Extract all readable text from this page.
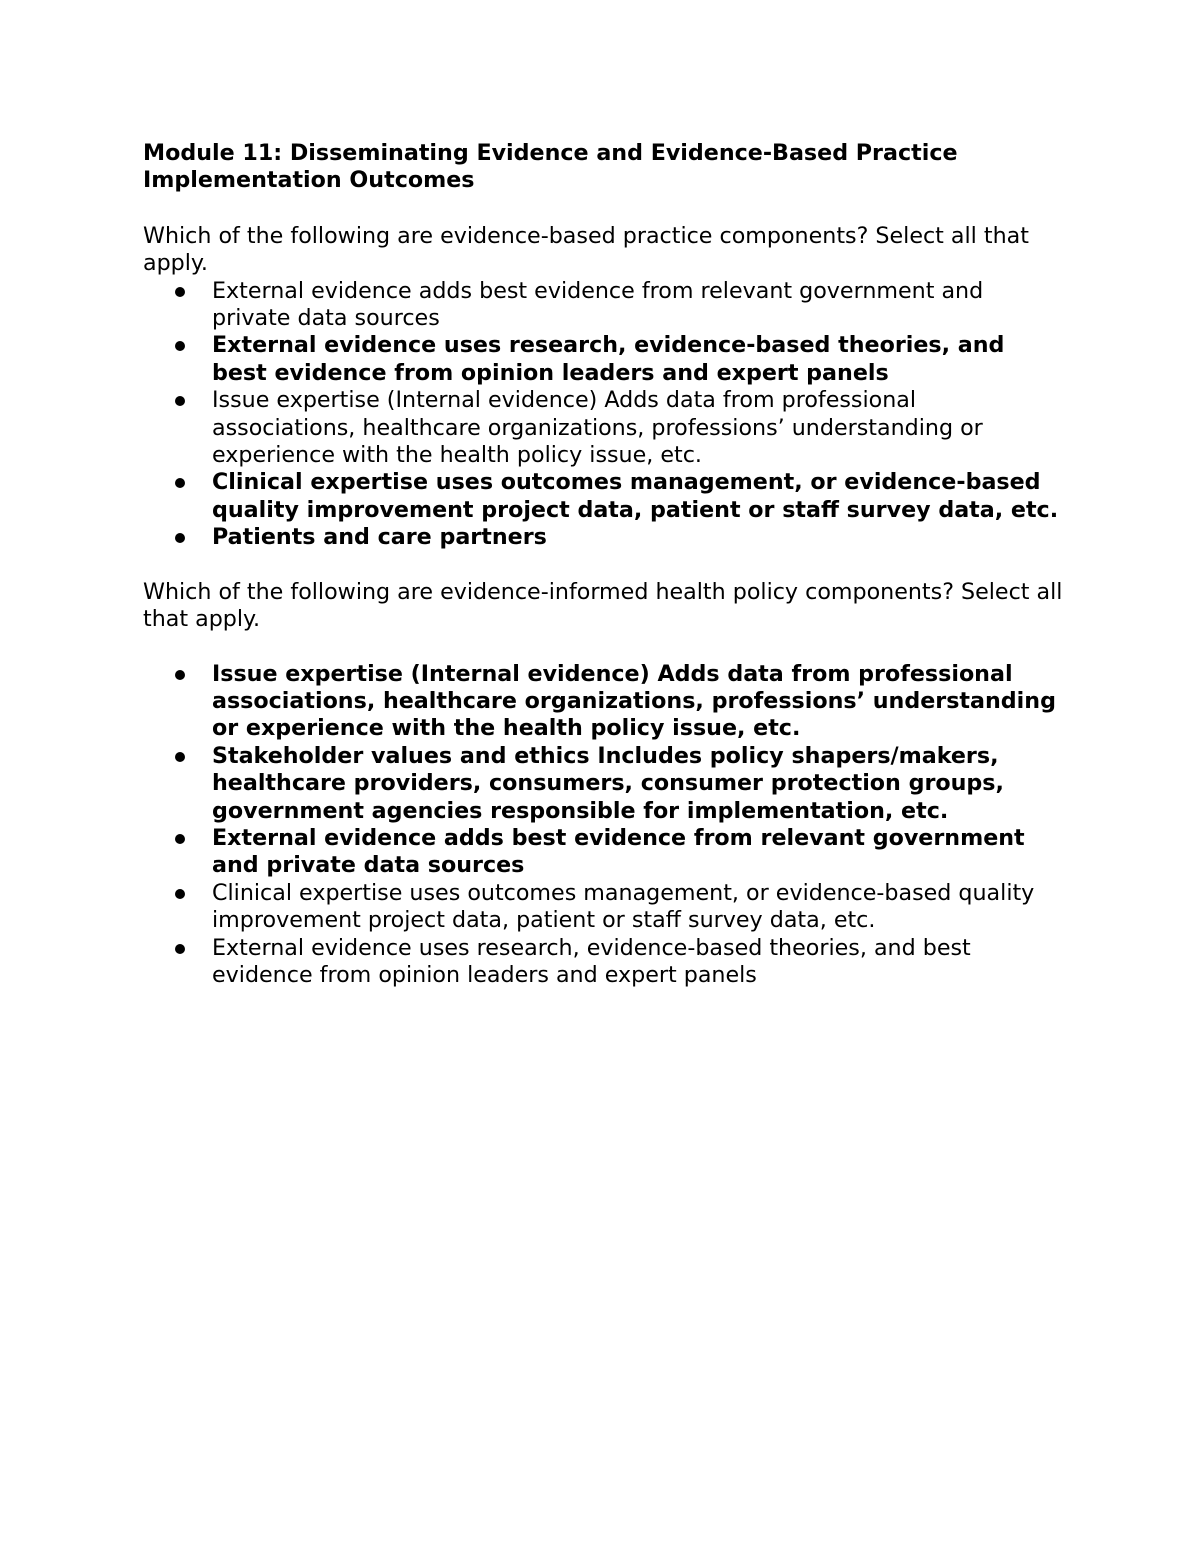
Module 11: Disseminating Evidence and Evidence-Based Practice Implementation Outcomes

Which of the following are evidence-based practice components? Select all that apply.

External evidence adds best evidence from relevant government and private data sources
External evidence uses research, evidence-based theories, and best evidence from opinion leaders and expert panels
Issue expertise (Internal evidence) Adds data from professional associations, healthcare organizations, professions’ understanding or experience with the health policy issue, etc.
Clinical expertise uses outcomes management, or evidence-based quality improvement project data, patient or staff survey data, etc.
Patients and care partners

Which of the following are evidence-informed health policy components? Select all that apply.

Issue expertise (Internal evidence) Adds data from professional associations, healthcare organizations, professions’ understanding or experience with the health policy issue, etc.
Stakeholder values and ethics Includes policy shapers/makers, healthcare providers, consumers, consumer protection groups, government agencies responsible for implementation, etc.
External evidence adds best evidence from relevant government and private data sources
Clinical expertise uses outcomes management, or evidence-based quality improvement project data, patient or staff survey data, etc.
External evidence uses research, evidence-based theories, and best evidence from opinion leaders and expert panels
